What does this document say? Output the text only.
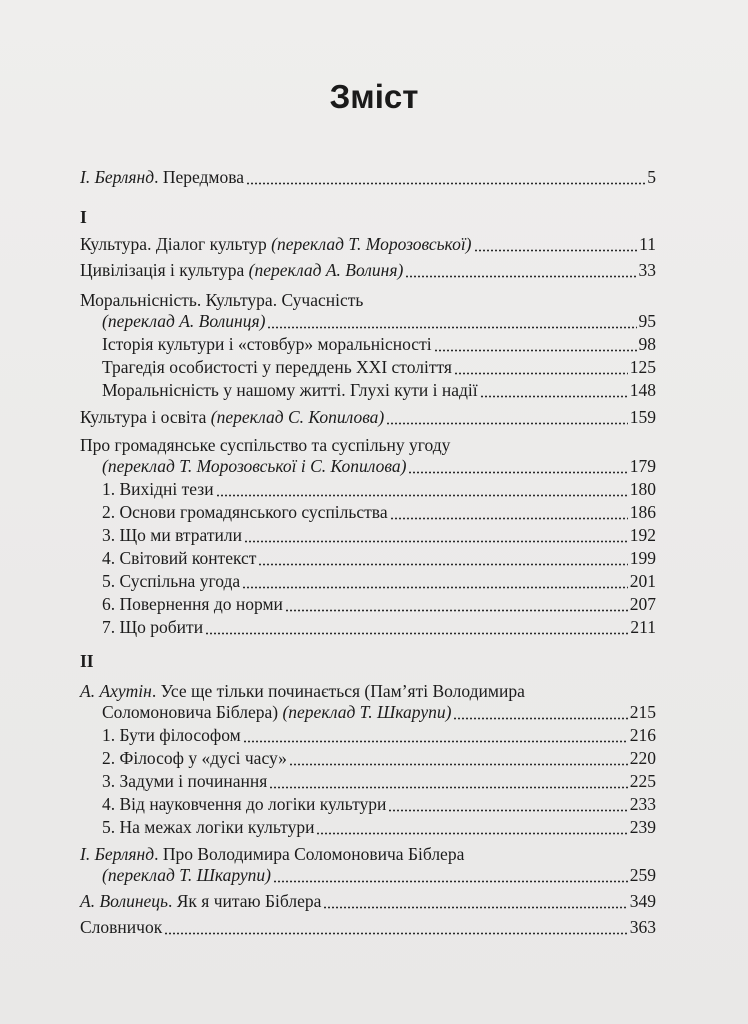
Зміст
І. Берлянд. Передмова	5
I
Культура. Діалог культур (переклад Т. Морозовської)	11
Цивілізація і культура (переклад А. Волиня)	33
Моральнісність. Культура. Сучасність
(переклад А. Волинця)	95
Історія культури і «стовбур» моральнісності	98
Трагедія особистості у переддень XXI століття	125
Моральнісність у нашому житті. Глухі кути і надії	148
Культура і освіта (переклад С. Копилова)	159
Про громадянське суспільство та суспільну угоду
(переклад Т. Морозовської і С. Копилова)	179
1. Вихідні тези	180
2. Основи громадянського суспільства	186
3. Що ми втратили	192
4. Світовий контекст	199
5. Суспільна угода	201
6. Повернення до норми	207
7. Що робити	211
II
А. Ахутін. Усе ще тільки починається (Пам’яті Володимира
Соломоновича Біблера) (переклад Т. Шкарупи)	215
1. Бути філософом	216
2. Філософ у «дусі часу»	220
3. Задуми і починання	225
4. Від науковчення до логіки культури	233
5. На межах логіки культури	239
І. Берлянд. Про Володимира Соломоновича Біблера
(переклад Т. Шкарупи)	259
А. Волинець. Як я читаю Біблера	349
Словничок	363
